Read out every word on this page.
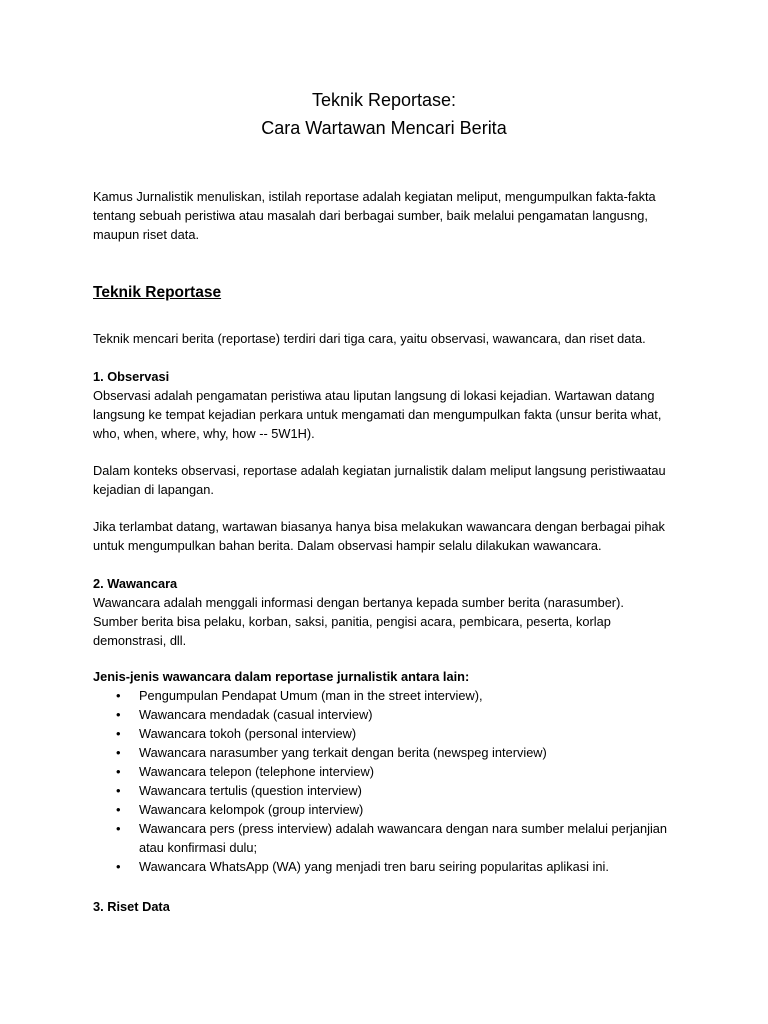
Teknik Reportase:
Cara Wartawan Mencari Berita
Kamus Jurnalistik menuliskan, istilah reportase adalah kegiatan meliput, mengumpulkan fakta-fakta
tentang sebuah peristiwa atau masalah dari berbagai sumber, baik melalui pengamatan langusng,
maupun riset data.
Teknik Reportase
Teknik mencari berita (reportase) terdiri dari tiga cara, yaitu observasi, wawancara, dan riset data.
1. Observasi
Observasi adalah pengamatan peristiwa atau liputan langsung di lokasi kejadian. Wartawan datang
langsung ke tempat kejadian perkara untuk mengamati dan mengumpulkan fakta (unsur berita what,
who, when, where, why, how -- 5W1H).
Dalam konteks observasi, reportase adalah kegiatan jurnalistik dalam meliput langsung peristiwaatau
kejadian di lapangan.
Jika terlambat datang, wartawan biasanya hanya bisa melakukan wawancara dengan berbagai pihak
untuk mengumpulkan bahan berita. Dalam observasi hampir selalu dilakukan wawancara.
2. Wawancara
Wawancara adalah menggali informasi dengan bertanya kepada sumber berita (narasumber).
Sumber berita bisa pelaku, korban, saksi, panitia, pengisi acara, pembicara, peserta, korlap
demonstrasi, dll.
Jenis-jenis wawancara dalam reportase jurnalistik antara lain:
• Pengumpulan Pendapat Umum (man in the street interview),
• Wawancara mendadak (casual interview)
• Wawancara tokoh (personal interview)
• Wawancara narasumber yang terkait dengan berita (newspeg interview)
• Wawancara telepon (telephone interview)
• Wawancara tertulis (question interview)
• Wawancara kelompok (group interview)
• Wawancara pers (press interview) adalah wawancara dengan nara sumber melalui perjanjian
atau konfirmasi dulu;
• Wawancara WhatsApp (WA) yang menjadi tren baru seiring popularitas aplikasi ini.
3. Riset Data
